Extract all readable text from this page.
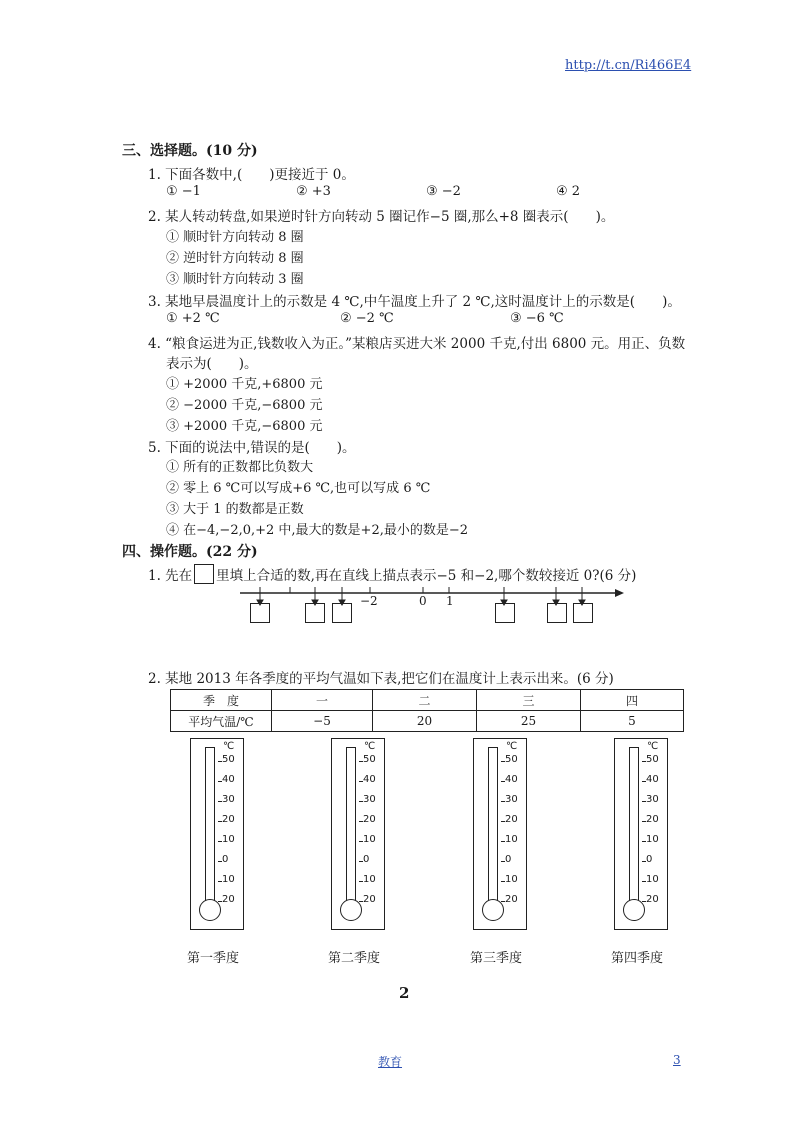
http://t.cn/Ri466E4
三、选择题。(10 分)
1. 下面各数中,(　　)更接近于 0。
① −1	② +3	③ −2	④ 2
2. 某人转动转盘,如果逆时针方向转动 5 圈记作−5 圈,那么+8 圈表示(　　)。
① 顺时针方向转动 8 圈
② 逆时针方向转动 8 圈
③ 顺时针方向转动 3 圈
3. 某地早晨温度计上的示数是 4 ℃,中午温度上升了 2 ℃,这时温度计上的示数是(　　)。
① +2 ℃	② −2 ℃	③ −6 ℃
4. “粮食运进为正,钱数收入为正。”某粮店买进大米 2000 千克,付出 6800 元。用正、负数
表示为(　　)。
① +2000 千克,+6800 元
② −2000 千克,−6800 元
③ +2000 千克,−6800 元
5. 下面的说法中,错误的是(　　)。
① 所有的正数都比负数大
② 零上 6 ℃可以写成+6 ℃,也可以写成 6 ℃
③ 大于 1 的数都是正数
④ 在−4,−2,0,+2 中,最大的数是+2,最小的数是−2
四、操作题。(22 分)
1. 先在 里填上合适的数,再在直线上描点表示−5 和−2,哪个数较接近 0?(6 分)
−2	0 1
2. 某地 2013 年各季度的平均气温如下表,把它们在温度计上表示出来。(6 分)
季　度	一	二	三	四
平均气温/℃	−5	20	25	5
℃
50
40
30
20
10
0
10
20
℃
50
40
30
20
10
0
10
20
℃
50
40
30
20
10
0
10
20
℃
50
40
30
20
10
0
10
20
第一季度	第二季度	第三季度	第四季度
2
教育	3
